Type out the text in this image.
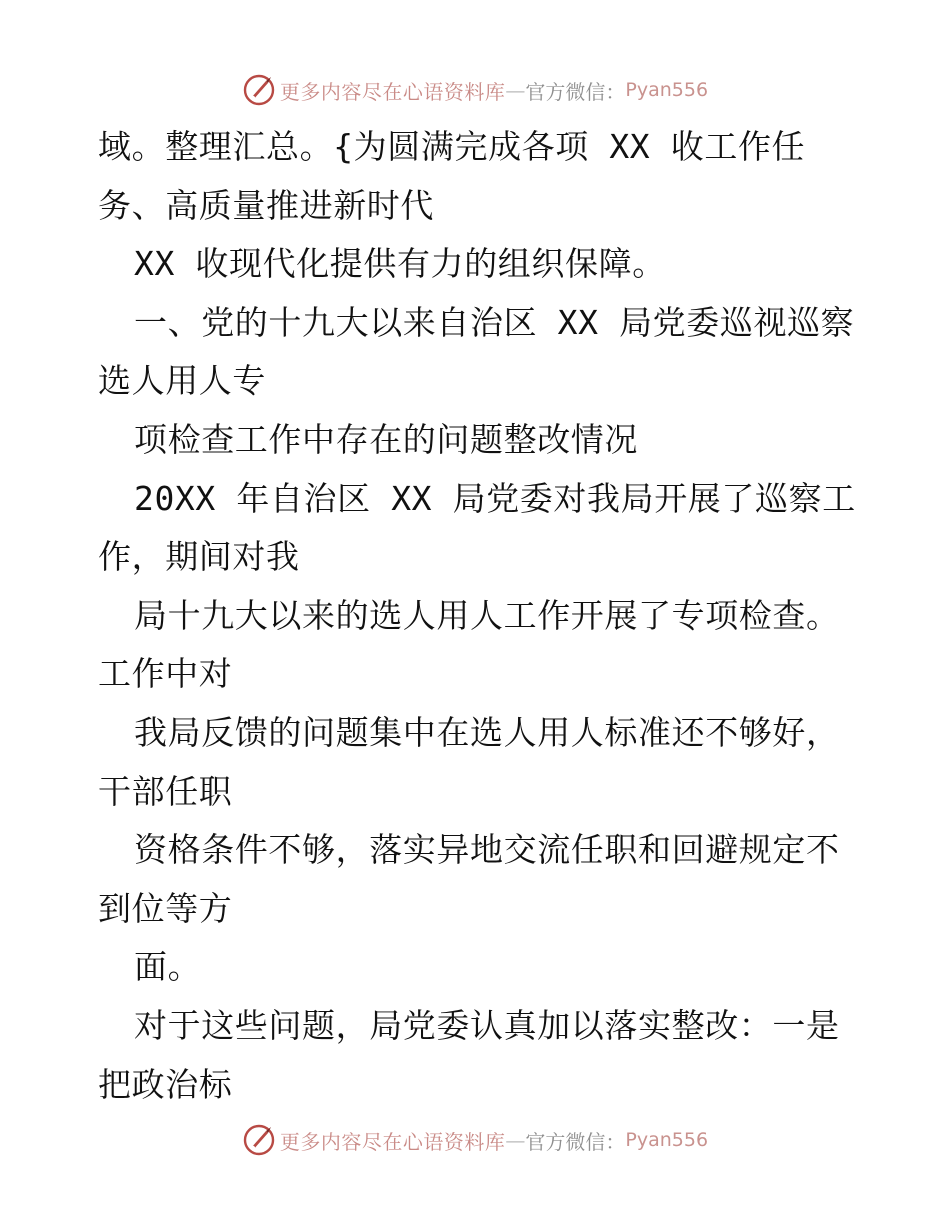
更多内容尽在心语资料库 — 官方微信： Pyan556
域。整理汇总。{为圆满完成各项 XX 收工作任
务、高质量推进新时代
XX 收现代化提供有力的组织保障。
一、党的十九大以来自治区 XX 局党委巡视巡察
选人用人专
项检查工作中存在的问题整改情况
20XX 年自治区 XX 局党委对我局开展了巡察工
作，期间对我
局十九大以来的选人用人工作开展了专项检查。
工作中对
我局反馈的问题集中在选人用人标准还不够好，
干部任职
资格条件不够，落实异地交流任职和回避规定不
到位等方
面。
对于这些问题，局党委认真加以落实整改：一是
把政治标
更多内容尽在心语资料库 — 官方微信： Pyan556
